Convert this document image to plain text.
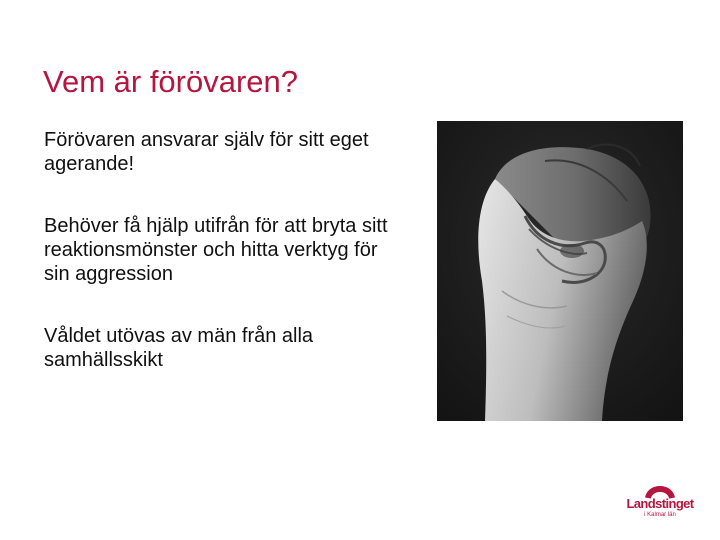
Vem är förövaren?

Förövaren ansvarar själv för sitt eget agerande!

Behöver få hjälp utifrån för att bryta sitt reaktionsmönster och hitta verktyg för sin aggression

Våldet utövas av män från alla samhällsskikt

Landstinget
i Kalmar län
